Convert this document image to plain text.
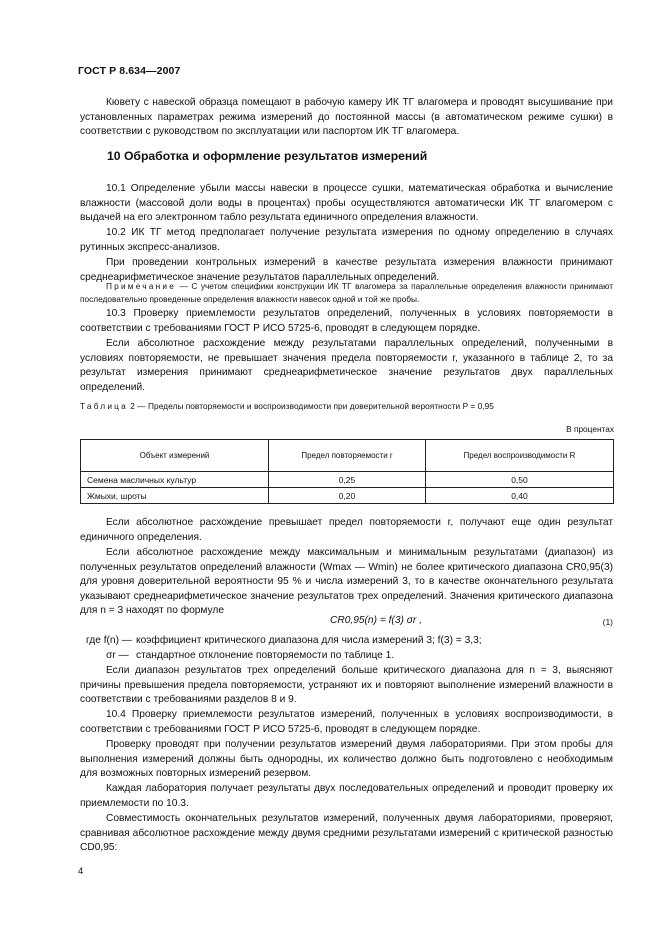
ГОСТ Р 8.634—2007

Кювету с навеской образца помещают в рабочую камеру ИК ТГ влагомера и проводят высушивание при установленных параметрах режима измерений до постоянной массы (в автоматическом режиме сушки) в соответствии с руководством по эксплуатации или паспортом ИК ТГ влагомера.

10 Обработка и оформление результатов измерений

10.1 Определение убыли массы навески в процессе сушки, математическая обработка и вычисление влажности (массовой доли воды в процентах) пробы осуществляются автоматически ИК ТГ влагомером с выдачей на его электронном табло результата единичного определения влажности.

10.2 ИК ТГ метод предполагает получение результата измерения по одному определению в случаях рутинных экспресс-анализов.

При проведении контрольных измерений в качестве результата измерения влажности принимают среднеарифметическое значение результатов параллельных определений.

Примечание — С учетом специфики конструкции ИК ТГ влагомера за параллельные определения влажности принимают последовательно проведенные определения влажности навесок одной и той же пробы.

10.3 Проверку приемлемости результатов определений, полученных в условиях повторяемости в соответствии с требованиями ГОСТ Р ИСО 5725-6, проводят в следующем порядке.

Если абсолютное расхождение между результатами параллельных определений, полученными в условиях повторяемости, не превышает значения предела повторяемости r, указанного в таблице 2, то за результат измерения принимают среднеарифметическое значение результатов двух параллельных определений.

Таблица 2 — Пределы повторяемости и воспроизводимости при доверительной вероятности P = 0,95
В процентах
Объект измерений	Предел повторяемости r	Предел воспроизводимости R
Семена масличных культур	0,25	0,50
Жмыхи, шроты	0,20	0,40

Если абсолютное расхождение превышает предел повторяемости r, получают еще один результат единичного определения.

Если абсолютное расхождение между максимальным и минимальным результатами (диапазон) из полученных результатов определений влажности (Wmax — Wmin) не более критического диапазона CR0,95(3) для уровня доверительной вероятности 95 % и числа измерений 3, то в качестве окончательного результата указывают среднеарифметическое значение результатов трех определений. Значения критического диапазона для n = 3 находят по формуле

CR0,95(n) = f(3) σr ,	(1)
где f(n) — коэффициент критического диапазона для числа измерений 3; f(3) = 3,3;
σr — стандартное отклонение повторяемости по таблице 1.

Если диапазон результатов трех определений больше критического диапазона для n = 3, выясняют причины превышения предела повторяемости, устраняют их и повторяют выполнение измерений влажности в соответствии с требованиями разделов 8 и 9.

10.4 Проверку приемлемости результатов измерений, полученных в условиях воспроизводимости, в соответствии с требованиями ГОСТ Р ИСО 5725-6, проводят в следующем порядке.

Проверку проводят при получении результатов измерений двумя лабораториями. При этом пробы для выполнения измерений должны быть однородны, их количество должно быть подготовлено с необходимым для возможных повторных измерений резервом.

Каждая лаборатория получает результаты двух последовательных определений и проводит проверку их приемлемости по 10.3.

Совместимость окончательных результатов измерений, полученных двумя лабораториями, проверяют, сравнивая абсолютное расхождение между двумя средними результатами измерений с критической разностью CD0,95:

4
